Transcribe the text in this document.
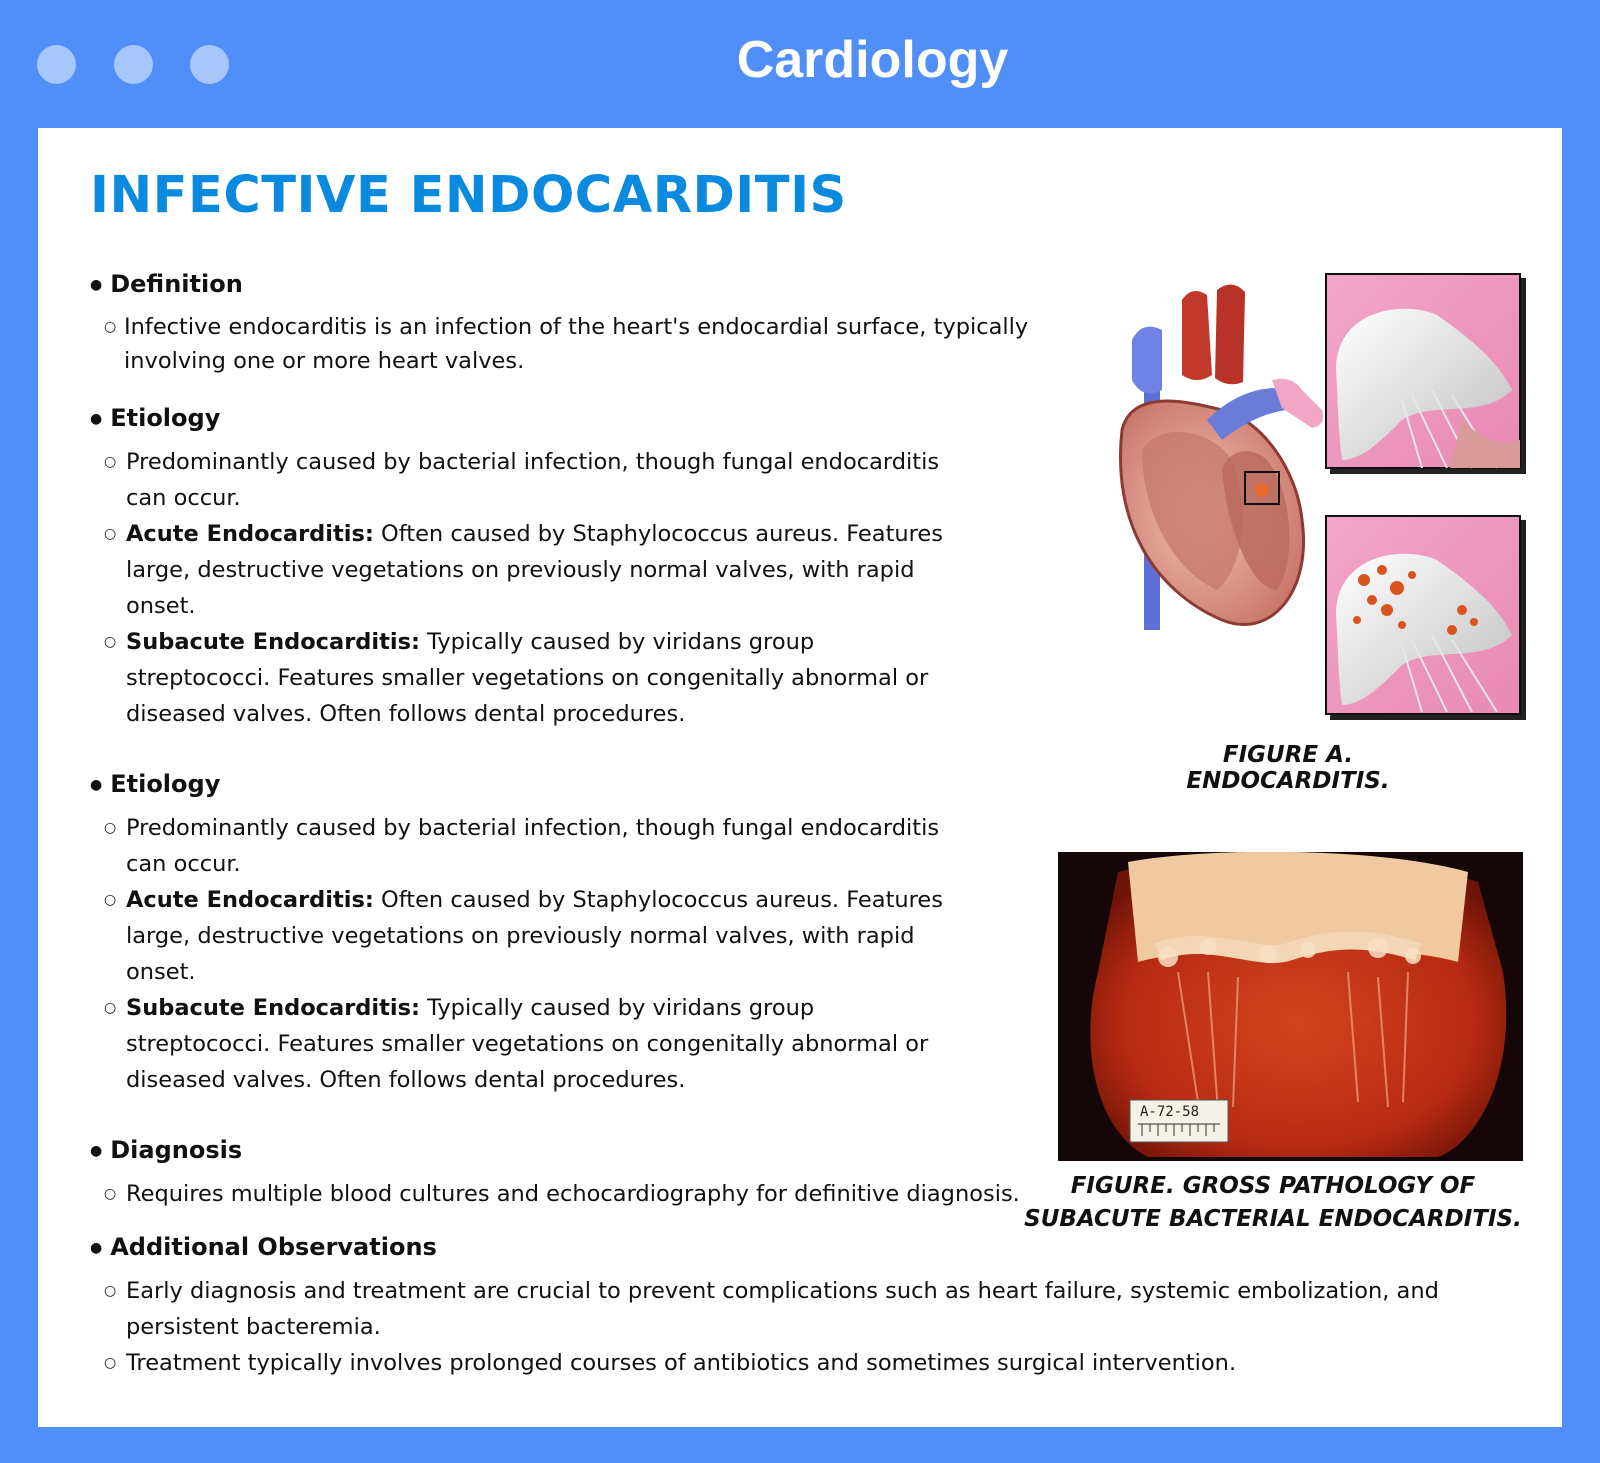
Cardiology
INFECTIVE ENDOCARDITIS

● Definition

○ Infective endocarditis is an infection of the heart's endocardial surface, typically involving one or more heart valves.

● Etiology

○ Predominantly caused by bacterial infection, though fungal endocarditis can occur.
○ Acute Endocarditis: Often caused by Staphylococcus aureus. Features large, destructive vegetations on previously normal valves, with rapid onset.
○ Subacute Endocarditis: Typically caused by viridans group streptococci. Features smaller vegetations on congenitally abnormal or diseased valves. Often follows dental procedures.

● Etiology

○ Predominantly caused by bacterial infection, though fungal endocarditis can occur.
○ Acute Endocarditis: Often caused by Staphylococcus aureus. Features large, destructive vegetations on previously normal valves, with rapid onset.
○ Subacute Endocarditis: Typically caused by viridans group streptococci. Features smaller vegetations on congenitally abnormal or diseased valves. Often follows dental procedures.

● Diagnosis

○ Requires multiple blood cultures and echocardiography for definitive diagnosis.

● Additional Observations

○ Early diagnosis and treatment are crucial to prevent complications such as heart failure, systemic embolization, and persistent bacteremia.
○ Treatment typically involves prolonged courses of antibiotics and sometimes surgical intervention.
FIGURE A. ENDOCARDITIS.
A-72-58
FIGURE. GROSS PATHOLOGY OF SUBACUTE BACTERIAL ENDOCARDITIS.
